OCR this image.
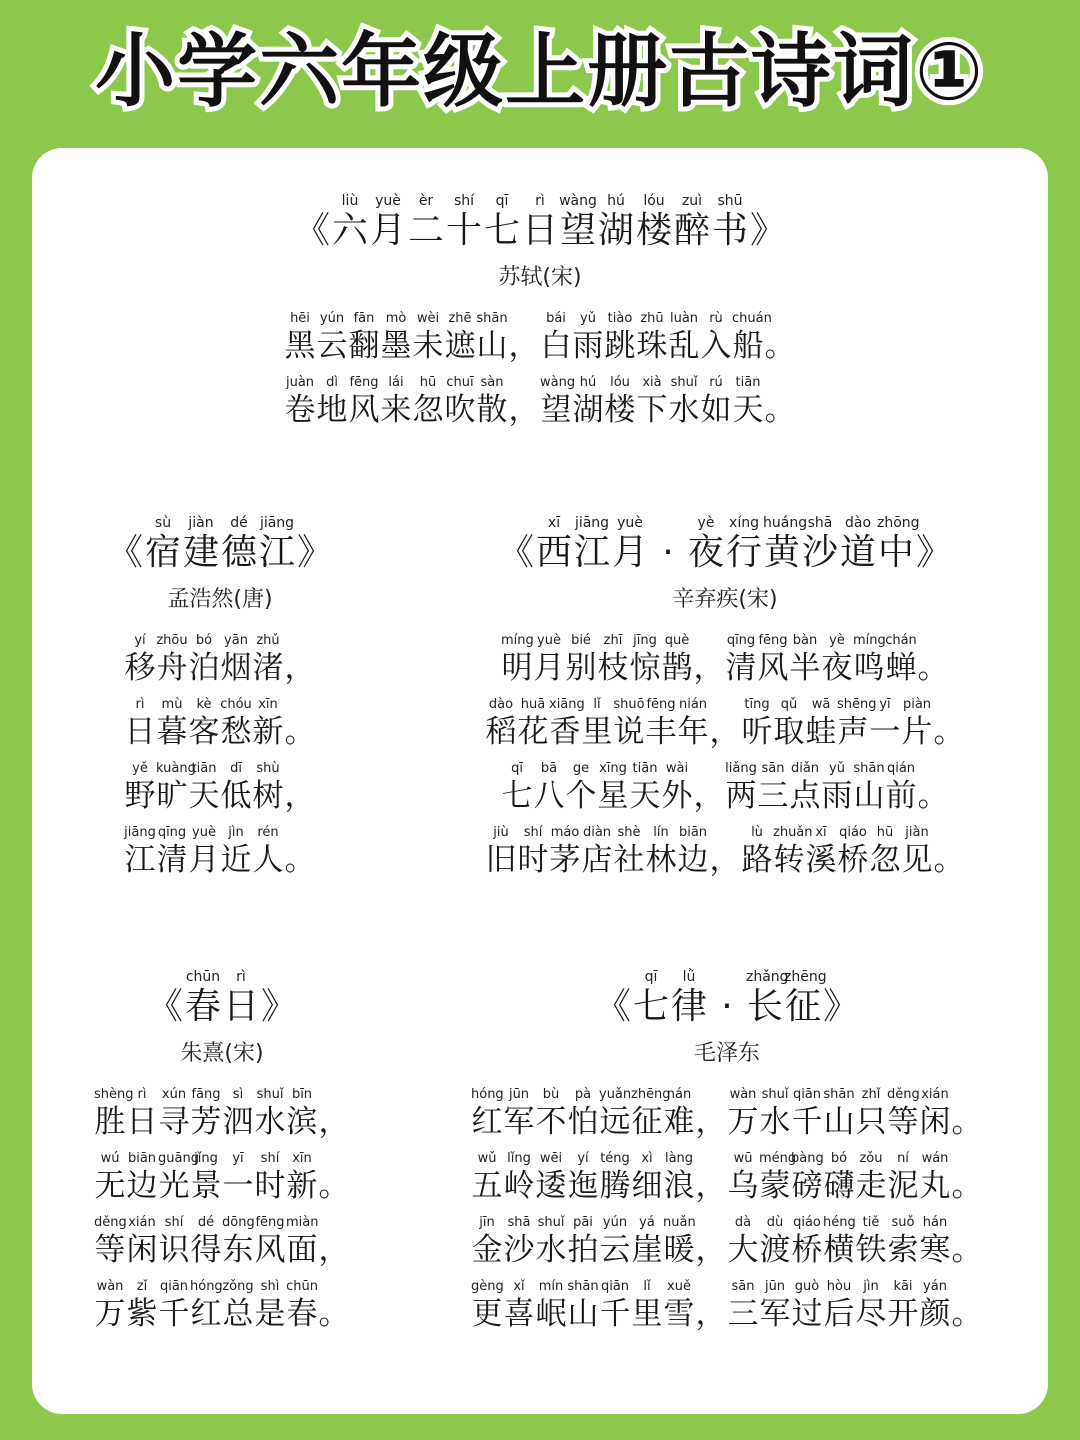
小学六年级上册古诗词①
《
liù
六
yuè
月
èr
二
shí
十
qī
七
rì
日
wàng
望
hú
湖
lóu
楼
zuì
醉
shū
书 》
苏轼(宋)
hēi
黑
yún
云
fān
翻
mò
墨
wèi
未
zhē
遮
shān
山 ，
bái
白
yǔ
雨
tiào
跳
zhū
珠
luàn
乱
rù
入
chuán
船 。
juàn
卷
dì
地
fēng
风
lái
来
hū
忽
chuī
吹
sàn
散 ，
wàng
望
hú
湖
lóu
楼
xià
下
shuǐ
水
rú
如
tiān
天 。
《
sù
宿
jiàn
建
dé
德
jiāng
江 》
孟浩然(唐)
yí
移
zhōu
舟
bó
泊
yān
烟
zhǔ
渚 ，
rì
日
mù
暮
kè
客
chóu
愁
xīn
新 。
yě
野
kuàng
旷
tiān
天
dī
低
shù
树 ，
jiāng
江
qīng
清
yuè
月
jìn
近
rén
人 。
《
xī
西
jiāng
江
yuè
月 ·
yè
夜
xíng
行
huáng
黄
shā
沙
dào
道
zhōng
中 》
辛弃疾(宋)
míng
明
yuè
月
bié
别
zhī
枝
jīng
惊
què
鹊 ，
qīng
清
fēng
风
bàn
半
yè
夜
míng
鸣
chán
蝉 。
dào
稻
huā
花
xiāng
香
lǐ
里
shuō
说
fēng
丰
nián
年 ，
tīng
听
qǔ
取
wā
蛙
shēng
声
yī
一
piàn
片 。
qī
七
bā
八
ge
个
xīng
星
tiān
天
wài
外 ，
liǎng
两
sān
三
diǎn
点
yǔ
雨
shān
山
qián
前 。
jiù
旧
shí
时
máo
茅
diàn
店
shè
社
lín
林
biān
边 ，
lù
路
zhuǎn
转
xī
溪
qiáo
桥
hū
忽
jiàn
见 。
《
chūn
春
rì
日 》
朱熹(宋)
shèng
胜
rì
日
xún
寻
fāng
芳
sì
泗
shuǐ
水
bīn
滨 ，
wú
无
biān
边
guāng
光
jǐng
景
yī
一
shí
时
xīn
新 。
děng
等
xián
闲
shí
识
dé
得
dōng
东
fēng
风
miàn
面 ，
wàn
万
zǐ
紫
qiān
千
hóng
红
zǒng
总
shì
是
chūn
春 。
《
qī
七
lǜ
律 ·
zhǎng
长
zhēng
征 》
毛泽东
hóng
红
jūn
军
bù
不
pà
怕
yuǎn
远
zhēng
征
nán
难 ，
wàn
万
shuǐ
水
qiān
千
shān
山
zhǐ
只
děng
等
xián
闲 。
wǔ
五
lǐng
岭
wēi
逶
yí
迤
téng
腾
xì
细
làng
浪 ，
wū
乌
méng
蒙
bàng
磅
bó
礴
zǒu
走
ní
泥
wán
丸 。
jīn
金
shā
沙
shuǐ
水
pāi
拍
yún
云
yá
崖
nuǎn
暖 ，
dà
大
dù
渡
qiáo
桥
héng
横
tiě
铁
suǒ
索
hán
寒 。
gèng
更
xǐ
喜
mín
岷
shān
山
qiān
千
lǐ
里
xuě
雪 ，
sān
三
jūn
军
guò
过
hòu
后
jìn
尽
kāi
开
yán
颜 。
